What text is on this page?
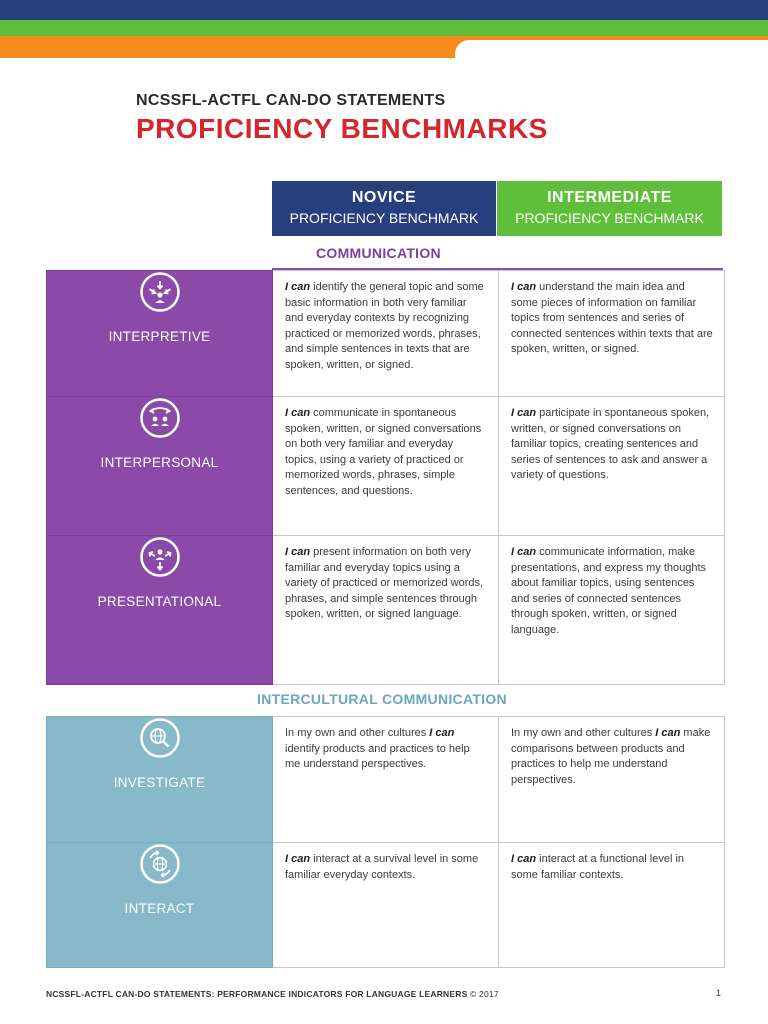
NCSSFL-ACTFL CAN-DO STATEMENTS
PROFICIENCY BENCHMARKS
NOVICE
PROFICIENCY BENCHMARK
INTERMEDIATE
PROFICIENCY BENCHMARK
COMMUNICATION
INTERPRETIVE	I can identify the general topic and some basic information in both very familiar and everyday contexts by recognizing practiced or memorized words, phrases, and simple sentences in texts that are spoken, written, or signed.	I can understand the main idea and some pieces of information on familiar topics from sentences and series of connected sentences within texts that are spoken, written, or signed.

INTERPERSONAL	I can communicate in spontaneous spoken, written, or signed conversations on both very familiar and everyday topics, using a variety of practiced or memorized words, phrases, simple sentences, and questions.	I can participate in spontaneous spoken, written, or signed conversations on familiar topics, creating sentences and series of sentences to ask and answer a variety of questions.

PRESENTATIONAL	I can present information on both very familiar and everyday topics using a variety of practiced or memorized words, phrases, and simple sentences through spoken, written, or signed language.	I can communicate information, make presentations, and express my thoughts about familiar topics, using sentences and series of connected sentences through spoken, written, or signed language.
INTERCULTURAL COMMUNICATION
INVESTIGATE	In my own and other cultures I can identify products and practices to help me understand perspectives.	In my own and other cultures I can make comparisons between products and practices to help me understand perspectives.

INTERACT	I can interact at a survival level in some familiar everyday contexts.	I can interact at a functional level in some familiar contexts.
NCSSFL-ACTFL CAN-DO STATEMENTS: PERFORMANCE INDICATORS FOR LANGUAGE LEARNERS © 2017	1
